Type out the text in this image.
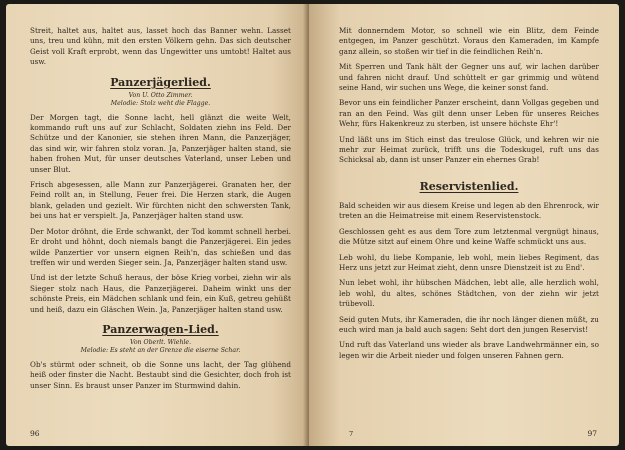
Streit, haltet aus, haltet aus, lasset hoch das Banner wehn. Lasset uns, treu und kühn, mit den ersten Völkern gehn. Das sich deutscher Geist voll Kraft erprobt, wenn das Ungewitter uns umtobt! Haltet aus usw.

Panzerjägerlied.
Von U. Otto Zimmer.
Melodie: Stolz weht die Flagge.

Der Morgen tagt, die Sonne lacht, hell glänzt die weite Welt, kommando ruft uns auf zur Schlacht, Soldaten ziehn ins Feld. Der Schütze und der Kanonier, sie stehen ihren Mann, die Panzerjäger, das sind wir, wir fahren stolz voran. Ja, Panzerjäger halten stand, sie haben frohen Mut, für unser deutsches Vaterland, unser Leben und unser Blut.

Frisch abgesessen, alle Mann zur Panzerjägerei. Granaten her, der Feind rollt an, in Stellung, Feuer frei. Die Herzen stark, die Augen blank, geladen und gezielt. Wir fürchten nicht den schwersten Tank, bei uns hat er verspielt. Ja, Panzerjäger halten stand usw.

Der Motor dröhnt, die Erde schwankt, der Tod kommt schnell herbei. Er droht und höhnt, doch niemals bangt die Panzerjägerei. Ein jedes wilde Panzertier vor unsern eignen Reih'n, das schießen und das treffen wir und werden Sieger sein. Ja, Panzerjäger halten stand usw.

Und ist der letzte Schuß heraus, der böse Krieg vorbei, ziehn wir als Sieger stolz nach Haus, die Panzerjägerei. Daheim winkt uns der schönste Preis, ein Mädchen schlank und fein, ein Kuß, getreu gehüßt und heiß, dazu ein Gläschen Wein. Ja, Panzerjäger halten stand usw.

Panzerwagen-Lied.
Von Oberlt. Wiehle.
Melodie: Es steht an der Grenze die eiserne Schar.

Ob's stürmt oder schneit, ob die Sonne uns lacht, der Tag glühend heiß oder finster die Nacht. Bestaubt sind die Gesichter, doch froh ist unser Sinn. Es braust unser Panzer im Sturmwind dahin.

96

Mit donnerndem Motor, so schnell wie ein Blitz, dem Feinde entgegen, im Panzer geschützt. Voraus den Kameraden, im Kampfe ganz allein, so stoßen wir tief in die feindlichen Reih'n.

Mit Sperren und Tank hält der Gegner uns auf, wir lachen darüber und fahren nicht drauf. Und schüttelt er gar grimmig und wütend seine Hand, wir suchen uns Wege, die keiner sonst fand.

Bevor uns ein feindlicher Panzer erscheint, dann Vollgas gegeben und ran an den Feind. Was gilt denn unser Leben für unseres Reiches Wehr, fürs Hakenkreuz zu sterben, ist unsere höchste Ehr'!

Und läßt uns im Stich einst das treulose Glück, und kehren wir nie mehr zur Heimat zurück, trifft uns die Todeskugel, ruft uns das Schicksal ab, dann ist unser Panzer ein ehernes Grab!

Reservistenlied.

Bald scheiden wir aus diesem Kreise und legen ab den Ehrenrock, wir treten an die Heimatreise mit einem Reservistenstock.

Geschlossen geht es aus dem Tore zum letztenmal vergnügt hinaus, die Mütze sitzt auf einem Ohre und keine Waffe schmückt uns aus.

Leb wohl, du liebe Kompanie, leb wohl, mein liebes Regiment, das Herz uns jetzt zur Heimat zieht, denn unsre Dienstzeit ist zu End'.

Nun lebet wohl, ihr hübschen Mädchen, lebt alle, alle herzlich wohl, leb wohl, du altes, schönes Städtchen, von der ziehn wir jetzt trübevoll.

Seid guten Muts, ihr Kameraden, die ihr noch länger dienen müßt, zu euch wird man ja bald auch sagen: Seht dort den jungen Reservist!

Und ruft das Vaterland uns wieder als brave Landwehrmänner ein, so legen wir die Arbeit nieder und folgen unseren Fahnen gern.

7	97
